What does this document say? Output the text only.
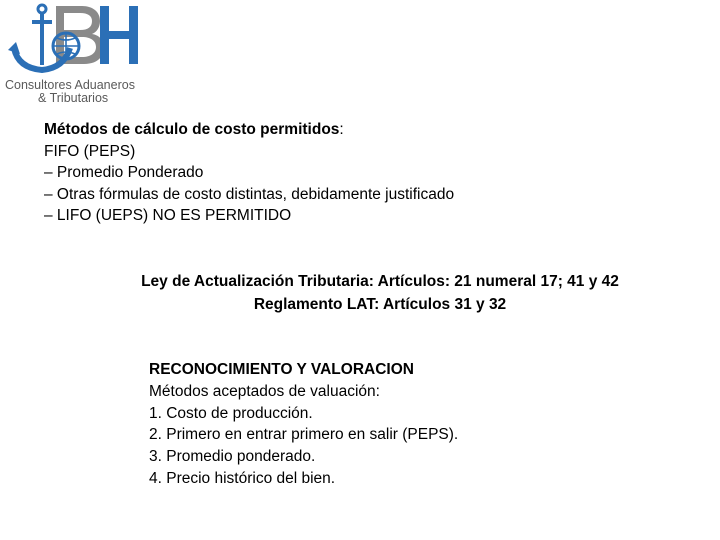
Consultores Aduaneros
& Tributarios
Métodos de cálculo de costo permitidos:
FIFO (PEPS)
– Promedio Ponderado
– Otras fórmulas de costo distintas, debidamente justificado
– LIFO (UEPS) NO ES PERMITIDO
Ley de Actualización Tributaria: Artículos: 21 numeral 17; 41 y 42
Reglamento LAT: Artículos 31 y 32
RECONOCIMIENTO Y VALORACION
Métodos aceptados de valuación:
1. Costo de producción.
2. Primero en entrar primero en salir (PEPS).
3. Promedio ponderado.
4. Precio histórico del bien.
